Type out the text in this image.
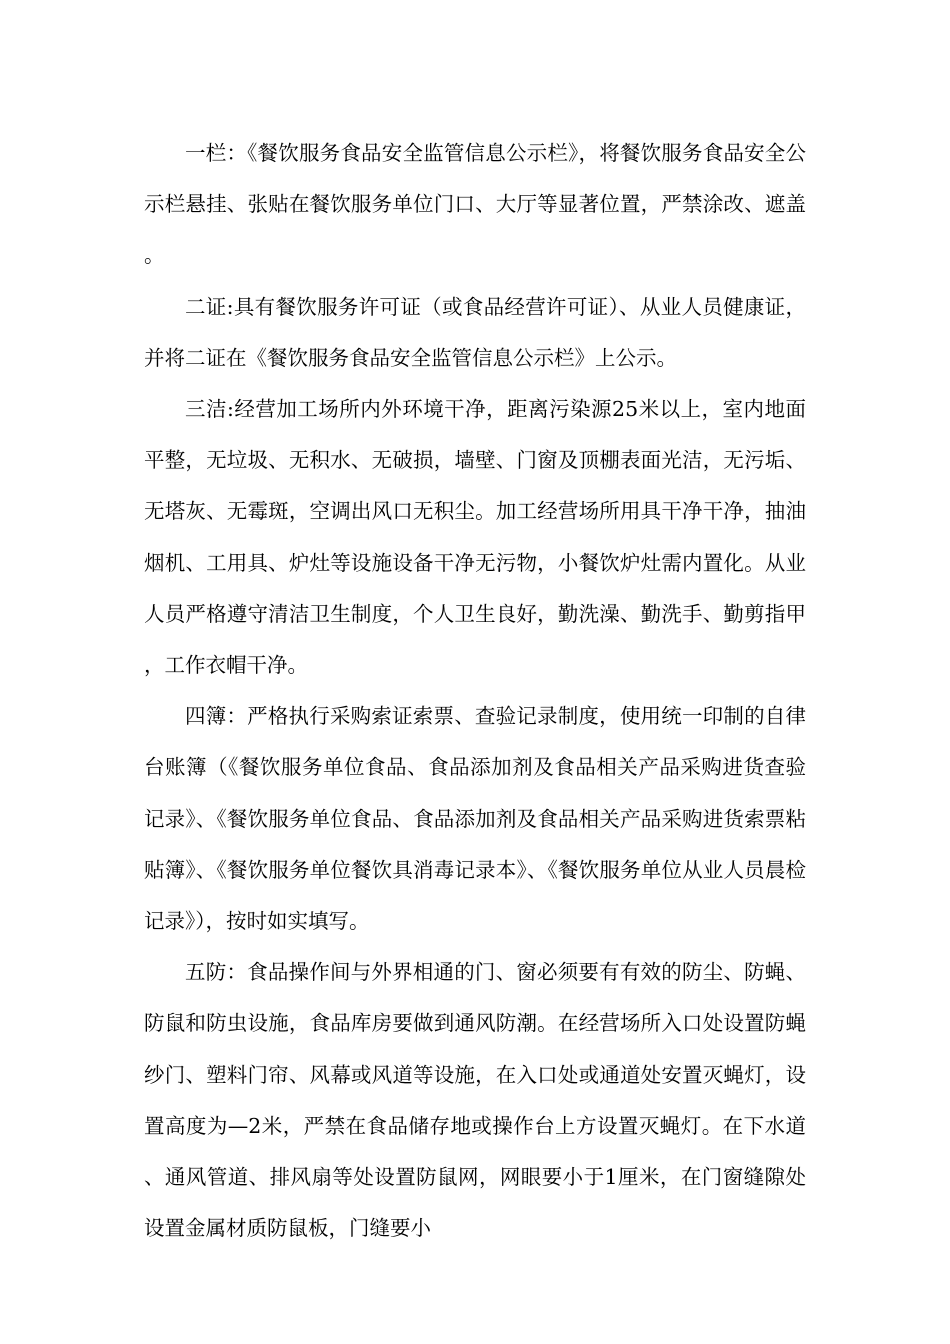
一栏：《餐饮服务食品安全监管信息公示栏》，将餐饮服务食品安全公示栏悬挂、张贴在餐饮服务单位门口、大厅等显著位置，严禁涂改、遮盖。

二证:具有餐饮服务许可证（或食品经营许可证）、从业人员健康证，并将二证在《餐饮服务食品安全监管信息公示栏》上公示。

三洁:经营加工场所内外环境干净，距离污染源25米以上，室内地面平整，无垃圾、无积水、无破损，墙壁、门窗及顶棚表面光洁，无污垢、无塔灰、无霉斑，空调出风口无积尘。加工经营场所用具干净干净，抽油烟机、工用具、炉灶等设施设备干净无污物，小餐饮炉灶需内置化。从业人员严格遵守清洁卫生制度，个人卫生良好，勤洗澡、勤洗手、勤剪指甲，工作衣帽干净。

四簿：严格执行采购索证索票、查验记录制度，使用统一印制的自律台账簿（《餐饮服务单位食品、食品添加剂及食品相关产品采购进货查验记录》、《餐饮服务单位食品、食品添加剂及食品相关产品采购进货索票粘贴簿》、《餐饮服务单位餐饮具消毒记录本》、《餐饮服务单位从业人员晨检记录》），按时如实填写。

五防：食品操作间与外界相通的门、窗必须要有有效的防尘、防蝇、防鼠和防虫设施，食品库房要做到通风防潮。在经营场所入口处设置防蝇纱门、塑料门帘、风幕或风道等设施，在入口处或通道处安置灭蝇灯，设置高度为—2米，严禁在食品储存地或操作台上方设置灭蝇灯。在下水道、通风管道、排风扇等处设置防鼠网，网眼要小于1厘米，在门窗缝隙处设置金属材质防鼠板，门缝要小
